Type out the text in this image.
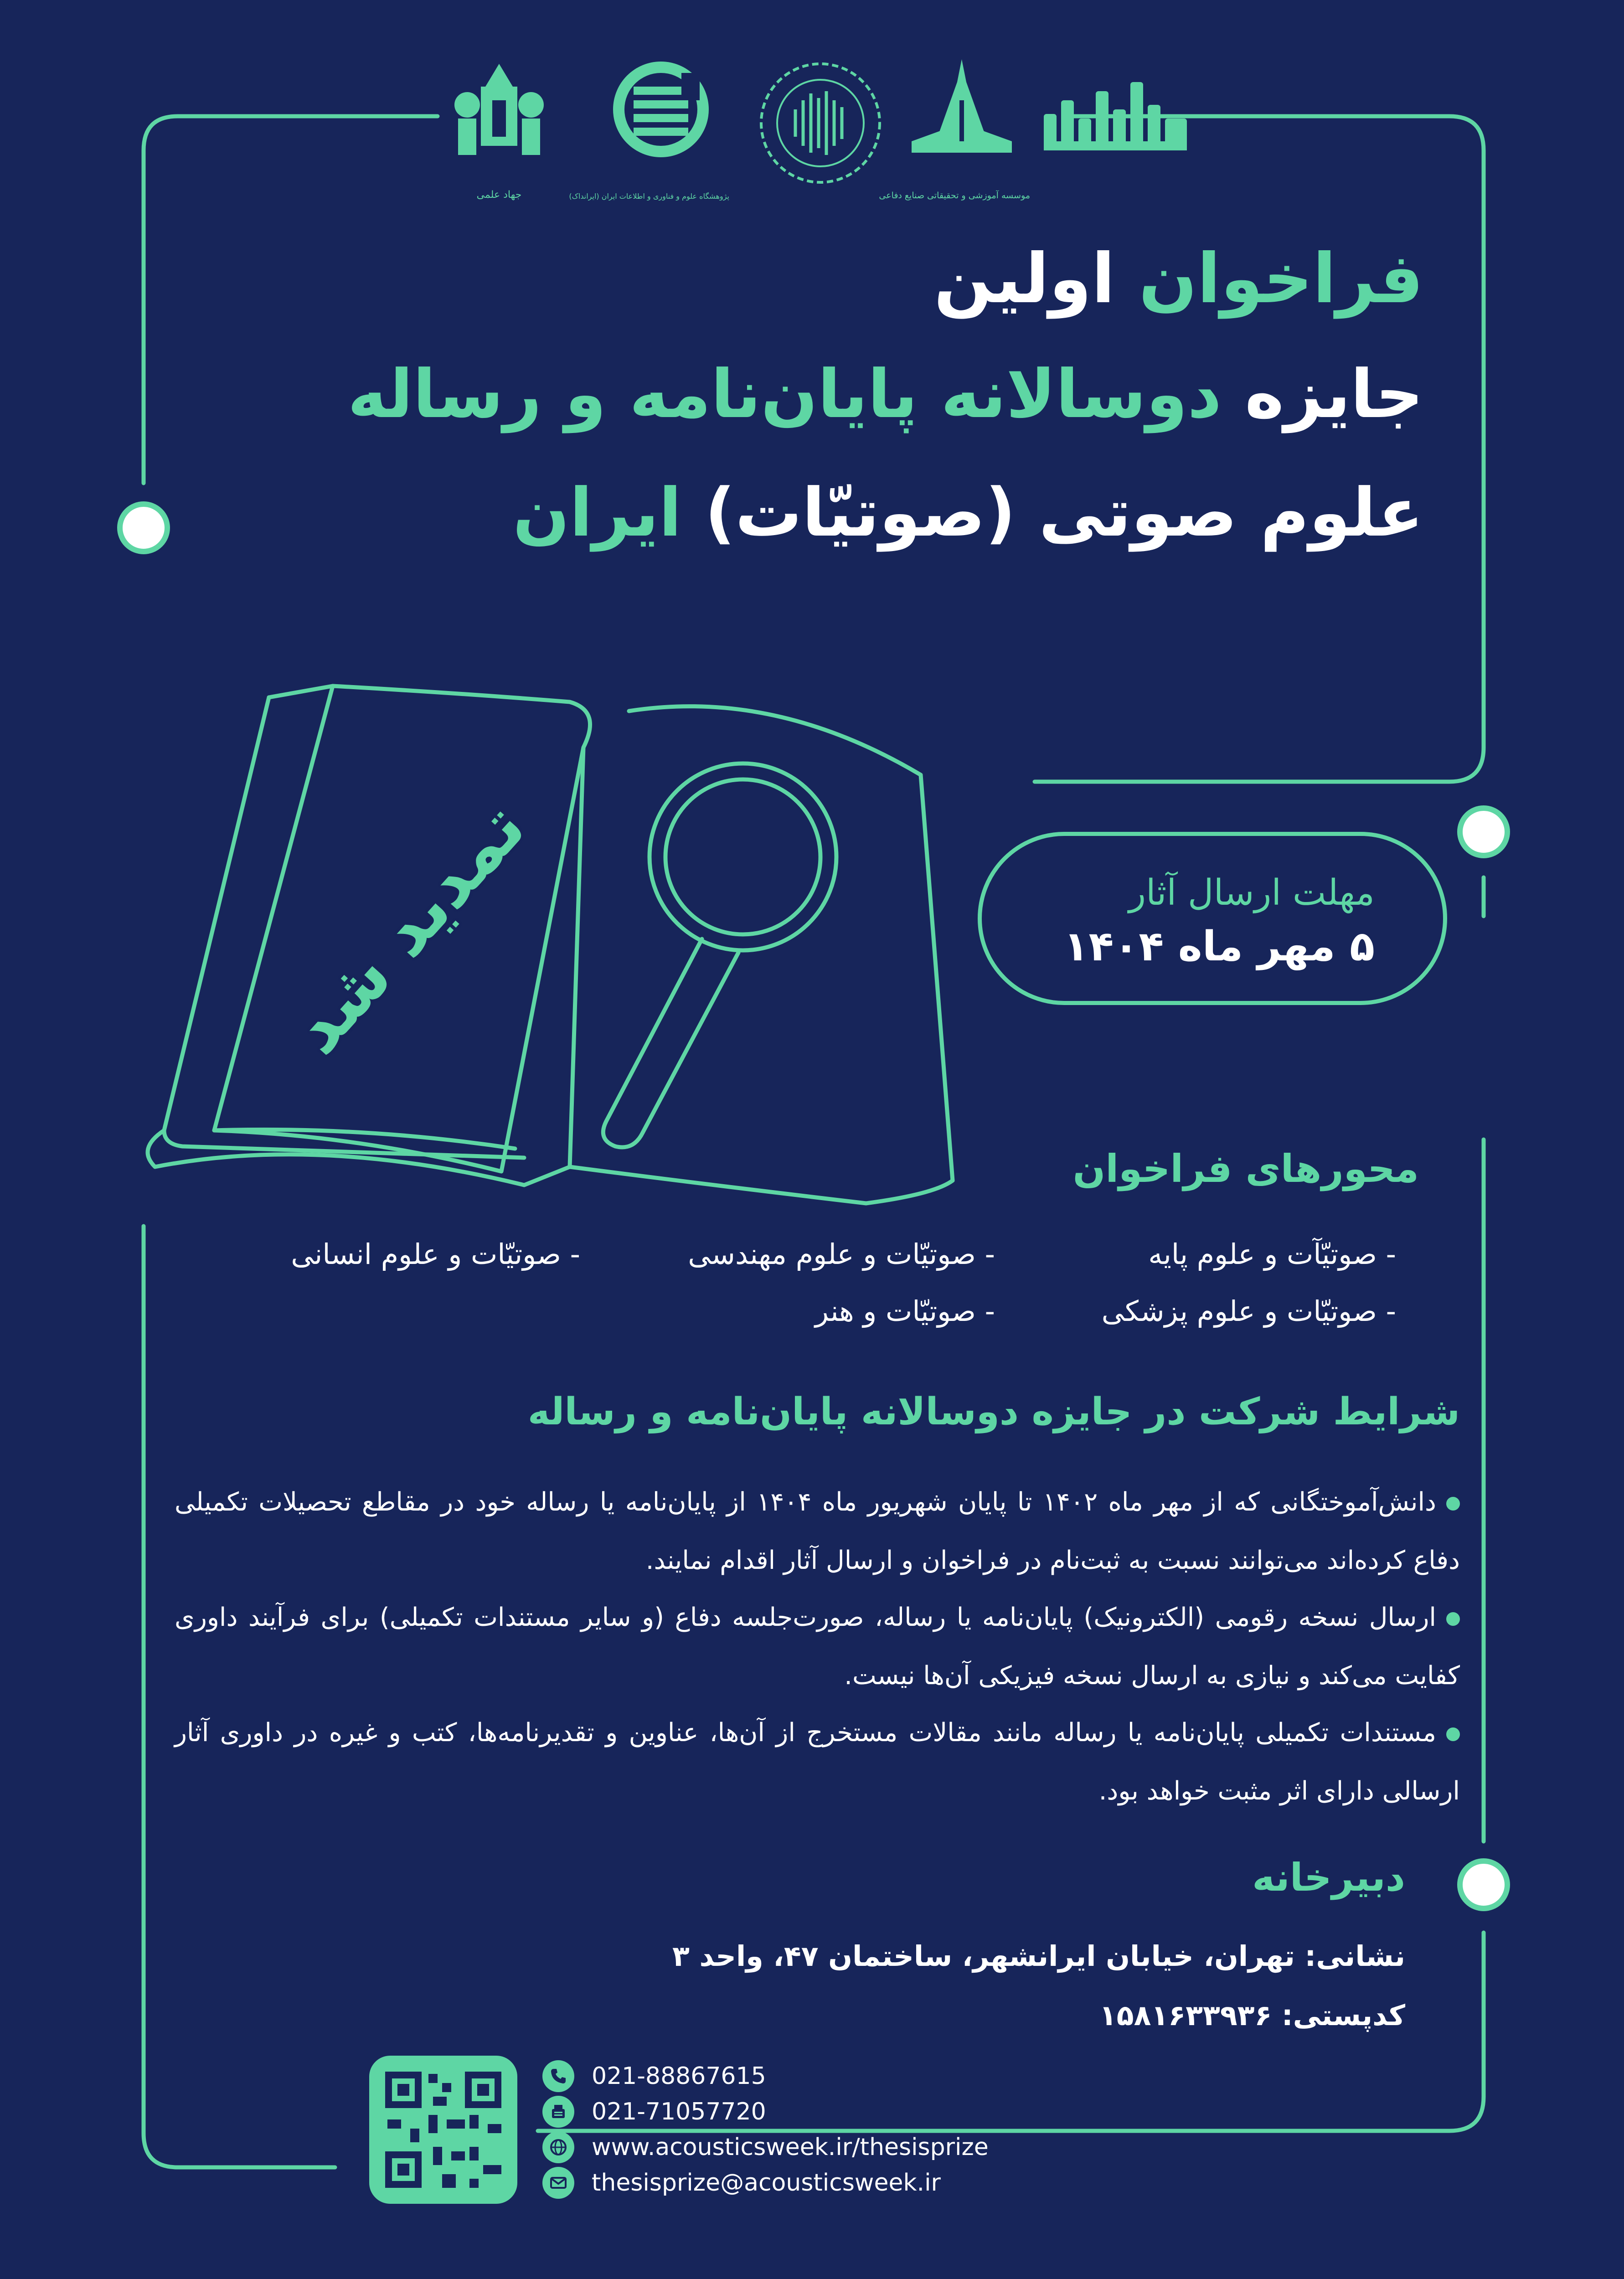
جهاد علمی	پژوهشگاه علوم و فناوری و اطلاعات ایران (ایرانداک)	موسسه آموزشی و تحقیقاتی صنایع دفاعی
فراخوان اولین
جایزه دوسالانه پایان‌نامه و رساله
علوم صوتی (صوتیّات) ایران
تمدید شد	مهلت ارسال آثار
۵ مهر ماه ۱۴۰۴
محورهای فراخوان
- صوتیّآت و علوم پایه
- صوتیّات و علوم مهندسی
- صوتیّات و علوم انسانی
- صوتیّات و علوم پزشکی
- صوتیّات و هنر
شرایط شرکت در جایزه دوسالانه پایان‌نامه و رساله
دانش‌آموختگانی که از مهر ماه ۱۴۰۲ تا پایان شهریور ماه ۱۴۰۴ از پایان‌نامه یا رساله خود در مقاطع تحصیلات تکمیلی دفاع کرده‌اند می‌توانند نسبت به ثبت‌نام در فراخوان و ارسال آثار اقدام نمایند.
ارسال نسخه رقومی (الکترونیک) پایان‌نامه یا رساله، صورت‌جلسه دفاع (و سایر مستندات تکمیلی) برای فرآیند داوری کفایت می‌کند و نیازی به ارسال نسخه فیزیکی آن‌ها نیست.
مستندات تکمیلی پایان‌نامه یا رساله مانند مقالات مستخرج از آن‌ها، عناوین و تقدیرنامه‌ها، کتب و غیره در داوری آثار ارسالی دارای اثر مثبت خواهد بود.
دبیرخانه
نشانی: تهران، خیابان ایرانشهر، ساختمان ۴۷، واحد ۳
کدپستی: ۱۵۸۱۶۳۳۹۳۶
021-88867615
021-71057720
www.acousticsweek.ir/thesisprize
thesisprize@acousticsweek.ir
